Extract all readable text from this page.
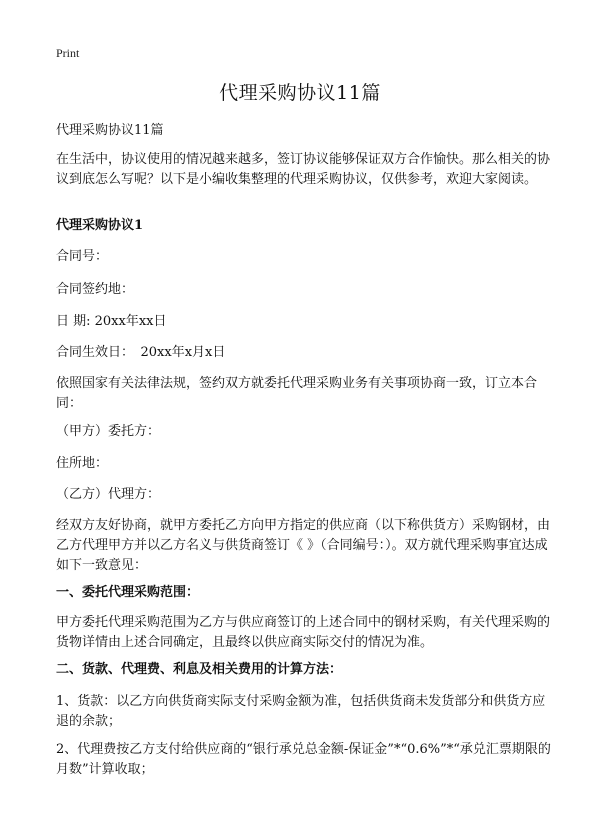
Print
代理采购协议11篇

代理采购协议11篇

在生活中，协议使用的情况越来越多，签订协议能够保证双方合作愉快。那么相关的协议到底怎么写呢？以下是小编收集整理的代理采购协议，仅供参考，欢迎大家阅读。

代理采购协议1

合同号：

合同签约地：

日 期: 20xx年xx日

合同生效日：　20xx年x月x日

依照国家有关法律法规，签约双方就委托代理采购业务有关事项协商一致，订立本合同：

（甲方）委托方：

住所地：

（乙方）代理方：

经双方友好协商，就甲方委托乙方向甲方指定的供应商（以下称供货方）采购钢材，由乙方代理甲方并以乙方名义与供货商签订《 》（合同编号：）。双方就代理采购事宜达成如下一致意见：

一、委托代理采购范围：

甲方委托代理采购范围为乙方与供应商签订的上述合同中的钢材采购，有关代理采购的货物详情由上述合同确定，且最终以供应商实际交付的情况为准。

二、货款、代理费、利息及相关费用的计算方法：

1、货款：以乙方向供货商实际支付采购金额为准，包括供货商未发货部分和供货方应退的余款；

2、代理费按乙方支付给供应商的“银行承兑总金额-保证金”*“0.6%”*“承兑汇票期限的月数”计算收取；
